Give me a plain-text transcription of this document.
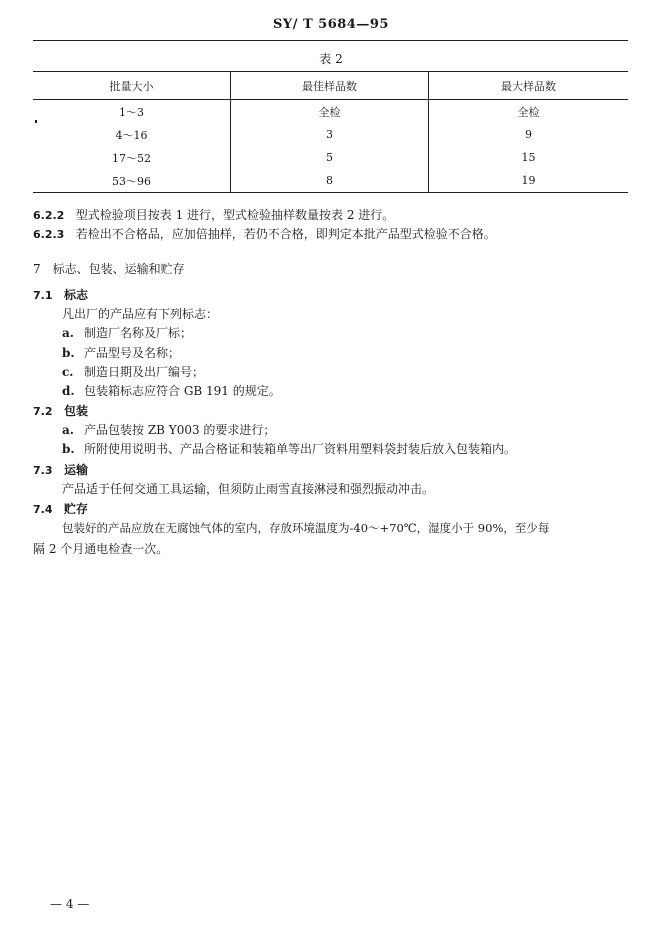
SY/ T 5684—95
表 2
批量大小	最佳样品数	最大样品数
1～3	全检	全检
4～16	3	9
17～52	5	15
53～96	8	19
6.2.2 型式检验项目按表 1 进行，型式检验抽样数量按表 2 进行。
6.2.3 若检出不合格品，应加倍抽样，若仍不合格，即判定本批产品型式检验不合格。
7　标志、包装、运输和贮存
7.1 标志
凡出厂的产品应有下列标志：
a. 制造厂名称及厂标；
b. 产品型号及名称；
c. 制造日期及出厂编号；
d. 包装箱标志应符合 GB 191 的规定。
7.2 包装
a. 产品包装按 ZB Y003 的要求进行；
b. 所附使用说明书、产品合格证和装箱单等出厂资料用塑料袋封装后放入包装箱内。
7.3 运输
产品适于任何交通工具运输，但须防止雨雪直接淋浸和强烈振动冲击。
7.4 贮存
包装好的产品应放在无腐蚀气体的室内，存放环境温度为-40～+70℃，湿度小于 90%，至少每
隔 2 个月通电检查一次。
— 4 —
